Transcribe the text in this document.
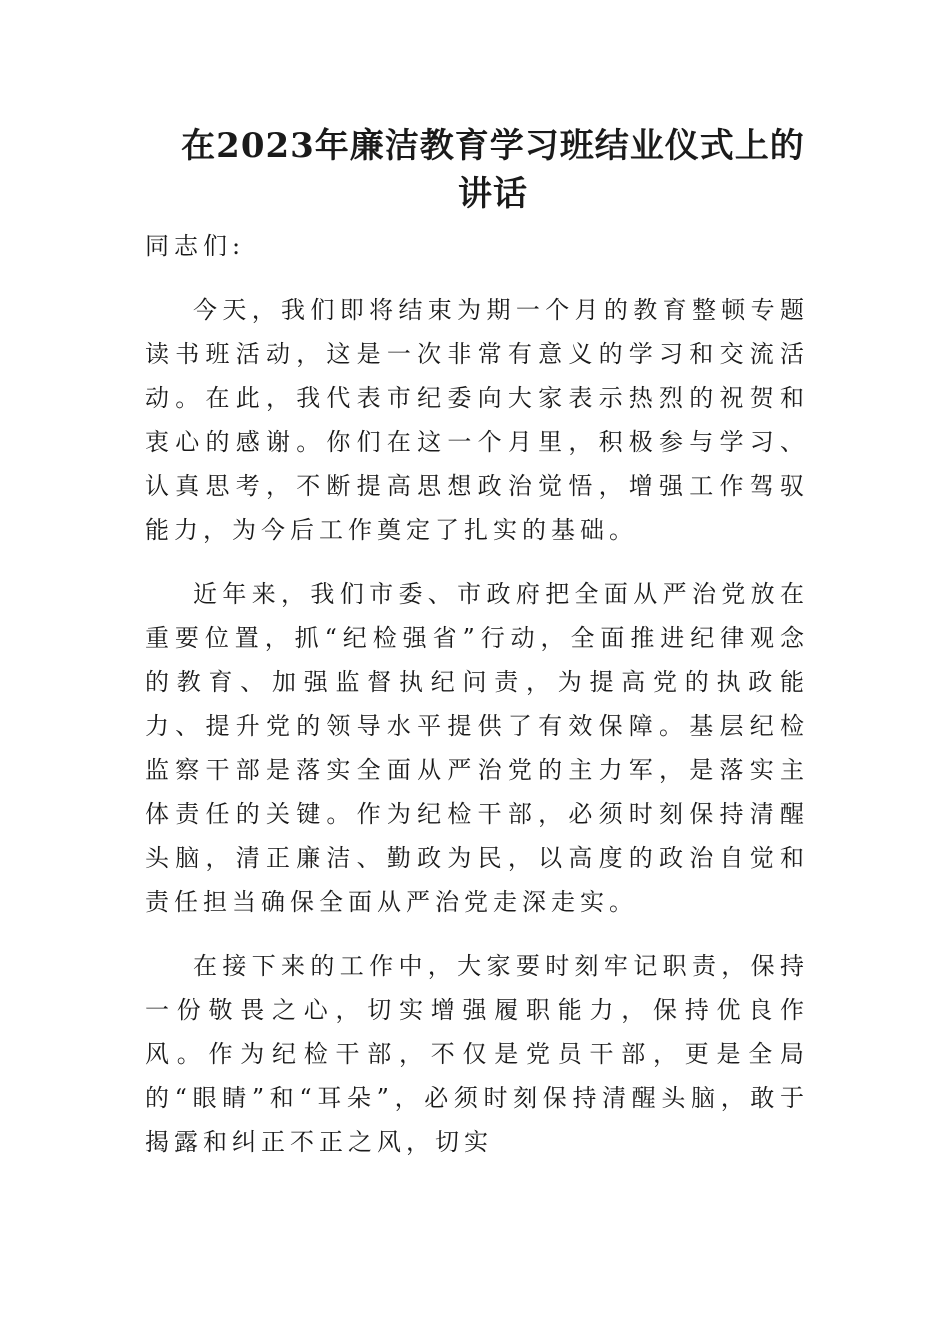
在2023年廉洁教育学习班结业仪式上的
讲话

同志们:

今天，我们即将结束为期一个月的教育整顿专题读书班活动，这是一次非常有意义的学习和交流活动。在此，我代表市纪委向大家表示热烈的祝贺和衷心的感谢。你们在这一个月里，积极参与学习、认真思考，不断提高思想政治觉悟，增强工作驾驭能力，为今后工作奠定了扎实的基础。

近年来，我们市委、市政府把全面从严治党放在重要位置，抓“纪检强省”行动，全面推进纪律观念的教育、加强监督执纪问责，为提高党的执政能力、提升党的领导水平提供了有效保障。基层纪检监察干部是落实全面从严治党的主力军，是落实主体责任的关键。作为纪检干部，必须时刻保持清醒头脑，清正廉洁、勤政为民，以高度的政治自觉和责任担当确保全面从严治党走深走实。

在接下来的工作中，大家要时刻牢记职责，保持一份敬畏之心，切实增强履职能力，保持优良作风。作为纪检干部，不仅是党员干部，更是全局的“眼睛”和“耳朵”，必须时刻保持清醒头脑，敢于揭露和纠正不正之风，切实
